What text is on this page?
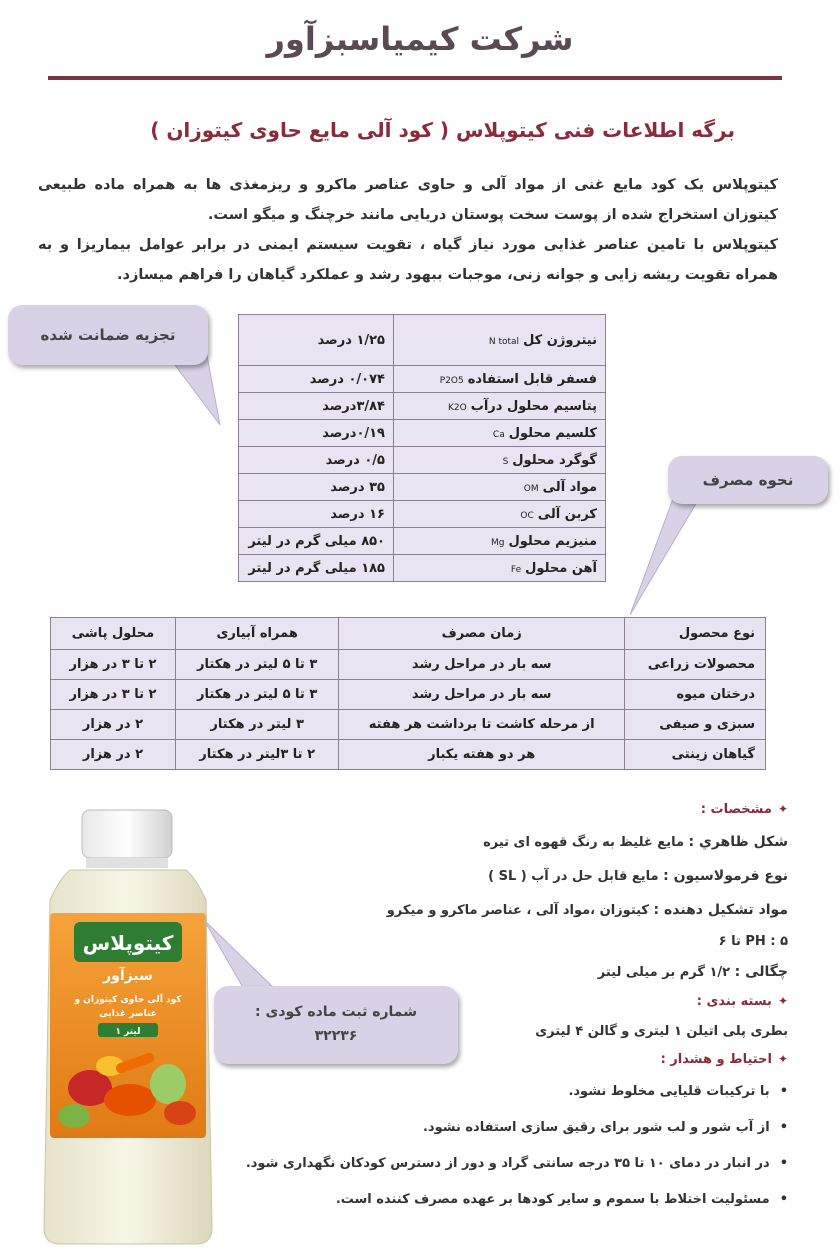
شرکت کیمیاسبزآور
برگه اطلاعات فنی کیتوپلاس ( کود آلی مایع حاوی کیتوزان )

کیتوپلاس یک کود مایع غنی از مواد آلی و حاوی عناصر ماکرو و ریزمغذی ها به همراه ماده طبیعی کیتوزان استخراج شده از پوست سخت پوستان دریایی مانند خرچنگ و میگو است.

کیتوپلاس با تامین عناصر غذایی مورد نیاز گیاه ، تقویت سیستم ایمنی در برابر عوامل بیماریزا و به همراه تقویت ریشه زایی و جوانه زنی، موجبات ببهود رشد و عملکرد گیاهان را فراهم میسازد.

تجزیه ضمانت شده	نیتروژن کلN total	۱/۲۵ درصد
فسفر قابل استفادهP2O5	۰/۰۷۴ درصد
پتاسیم محلول درآبK2O	۳/۸۴درصد
کلسیم محلولCa	۰/۱۹درصد
گوگرد محلولS	۰/۵ درصد
مواد آلیOM	۳۵ درصد
کربن آلیOC	۱۶ درصد
منیزیم محلولMg	۸۵۰ میلی گرم در لیتر
آهن محلولFe	۱۸۵ میلی گرم در لیتر
نحوه مصرف
نوع محصول	زمان مصرف	همراه آبیاری	محلول پاشی
محصولات زراعی	سه بار در مراحل رشد	۳ تا ۵ لیتر در هکتار	۲ تا ۳ در هزار
درختان میوه	سه بار در مراحل رشد	۳ تا ۵ لیتر در هکتار	۲ تا ۳ در هزار
سبزی و صیفی	از مرحله کاشت تا برداشت هر هفته	۳ لیتر در هکتار	۲ در هزار
گیاهان زینتی	هر دو هفته یکبار	۲ تا ۳لیتر در هکتار	۲ در هزار
✦مشخصات :
شکل ظاهري : مایع غلیظ به رنگ قهوه ای تیره
نوع فرمولاسیون : مایع قابل حل در آب ( SL )
مواد تشکیل دهنده : کیتوزان ،مواد آلی ، عناصر ماکرو و میکرو
PH : ۵ تا ۶
چگالی : ۱/۲ گرم بر میلی لیتر
✦بسته بندی :
بطری پلی اتیلن ۱ لیتری و گالن ۴ لیتری
✦احتیاط و هشدار :
•با ترکیبات قلیایی مخلوط نشود.
•از آب شور و لب شور برای رقیق سازی استفاده نشود.
•در انبار در دمای ۱۰ تا ۳۵ درجه سانتی گراد و دور از دسترس کودکان نگهداری شود.
•مسئولیت اختلاط با سموم و سایر کودها بر عهده مصرف کننده است.
کیتوپلاس
سبزآور
کود آلی حاوی کیتوزان و
عناصر غذایی
۱ لیتر
شماره ثبت ماده کودی :
۳۲۲۳۶
